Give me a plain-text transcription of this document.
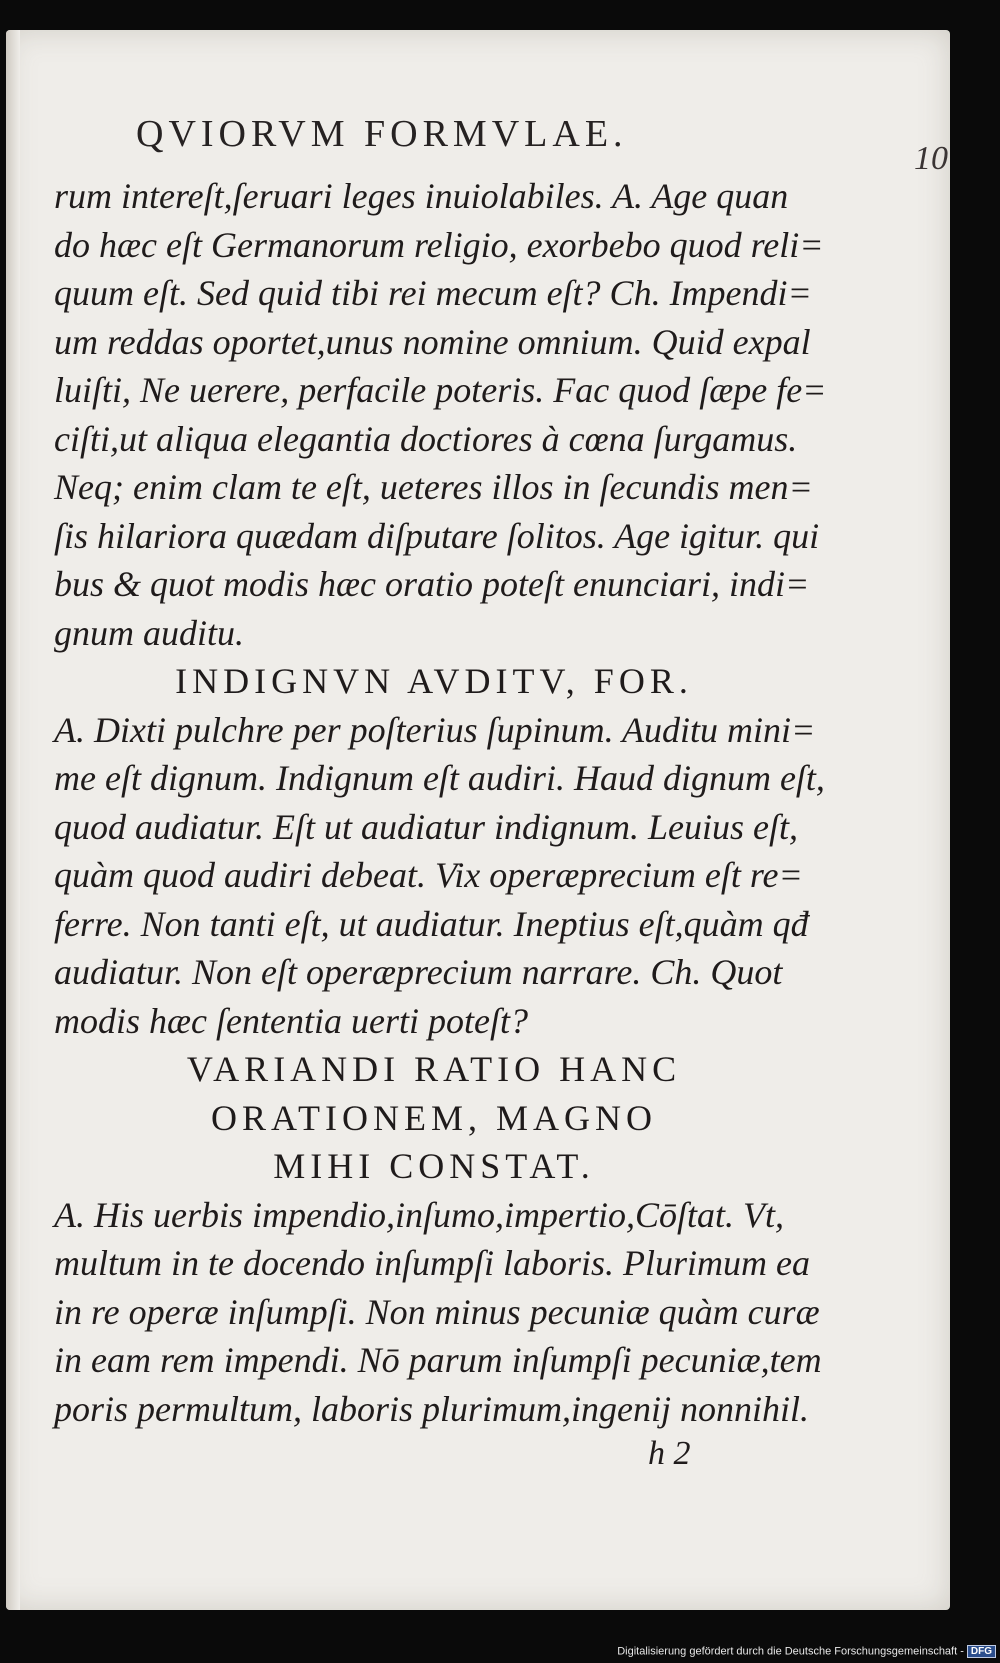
QVIORVM FORMVLAE.
10
rum intereſt,ſeruari leges inuiolabiles. A. Age quan
do hæc eſt Germanorum religio, exorbebo quod reli=
quum eſt. Sed quid tibi rei mecum eſt? Ch. Impendi=
um reddas oportet,unus nomine omnium. Quid expal
luiſti, Ne uerere, perfacile poteris. Fac quod ſæpe fe=
ciſti,ut aliqua elegantia doctiores à cœna ſurgamus.
Neq; enim clam te eſt, ueteres illos in ſecundis men=
ſis hilariora quædam diſputare ſolitos. Age igitur. qui
bus & quot modis hæc oratio poteſt enunciari, indi=
gnum auditu.
INDIGNVN AVDITV, FOR.
A. Dixti pulchre per poſterius ſupinum. Auditu mini=
me eſt dignum. Indignum eſt audiri. Haud dignum eſt,
quod audiatur. Eſt ut audiatur indignum. Leuius eſt,
quàm quod audiri debeat. Vix operæprecium eſt re=
ferre. Non tanti eſt, ut audiatur. Ineptius eſt,quàm qđ
audiatur. Non eſt operæprecium narrare. Ch. Quot
modis hæc ſententia uerti poteſt?
VARIANDI RATIO HANC
ORATIONEM, MAGNO
MIHI CONSTAT.
A. His uerbis impendio,inſumo,impertio,Cōſtat. Vt,
multum in te docendo inſumpſi laboris. Plurimum ea
in re operæ inſumpſi. Non minus pecuniæ quàm curæ
in eam rem impendi. Nō parum inſumpſi pecuniæ,tem
poris permultum, laboris plurimum,ingenij nonnihil.
h 2
Digitalisierung gefördert durch die Deutsche Forschungsgemeinschaft - DFG
